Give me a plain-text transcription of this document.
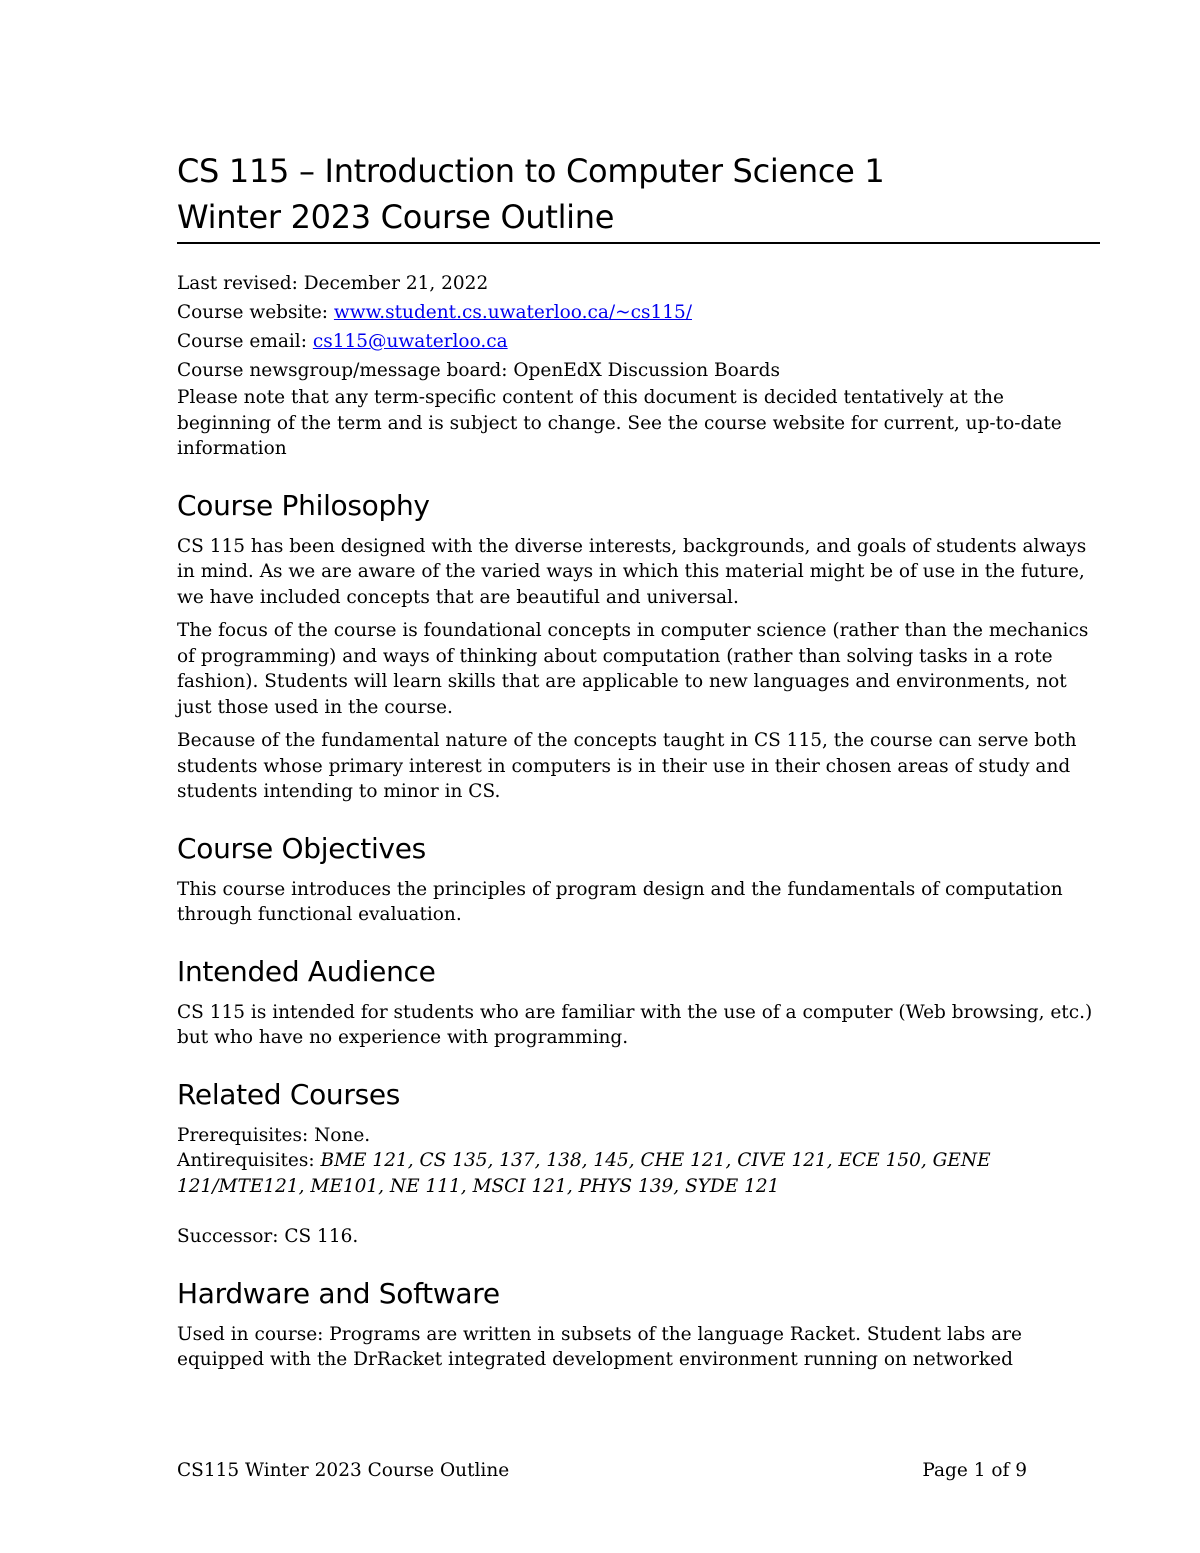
CS 115 – Introduction to Computer Science 1
Winter 2023 Course Outline
Last revised: December 21, 2022
Course website: www.student.cs.uwaterloo.ca/~cs115/
Course email: cs115@uwaterloo.ca
Course newsgroup/message board: OpenEdX Discussion Boards

Please note that any term-specific content of this document is decided tentatively at the beginning of the term and is subject to change. See the course website for current, up-to-date information

Course Philosophy

CS 115 has been designed with the diverse interests, backgrounds, and goals of students always in mind. As we are aware of the varied ways in which this material might be of use in the future, we have included concepts that are beautiful and universal.

The focus of the course is foundational concepts in computer science (rather than the mechanics of programming) and ways of thinking about computation (rather than solving tasks in a rote fashion). Students will learn skills that are applicable to new languages and environments, not just those used in the course.

Because of the fundamental nature of the concepts taught in CS 115, the course can serve both students whose primary interest in computers is in their use in their chosen areas of study and students intending to minor in CS.

Course Objectives

This course introduces the principles of program design and the fundamentals of computation through functional evaluation.

Intended Audience

CS 115 is intended for students who are familiar with the use of a computer (Web browsing, etc.) but who have no experience with programming.

Related Courses

Prerequisites: None.

Antirequisites: BME 121, CS 135, 137, 138, 145, CHE 121, CIVE 121, ECE 150, GENE 121/MTE121, ME101, NE 111, MSCI 121, PHYS 139, SYDE 121

Successor: CS 116.

Hardware and Software

Used in course: Programs are written in subsets of the language Racket. Student labs are equipped with the DrRacket integrated development environment running on networked

CS115 Winter 2023 Course Outline	Page 1 of 9
